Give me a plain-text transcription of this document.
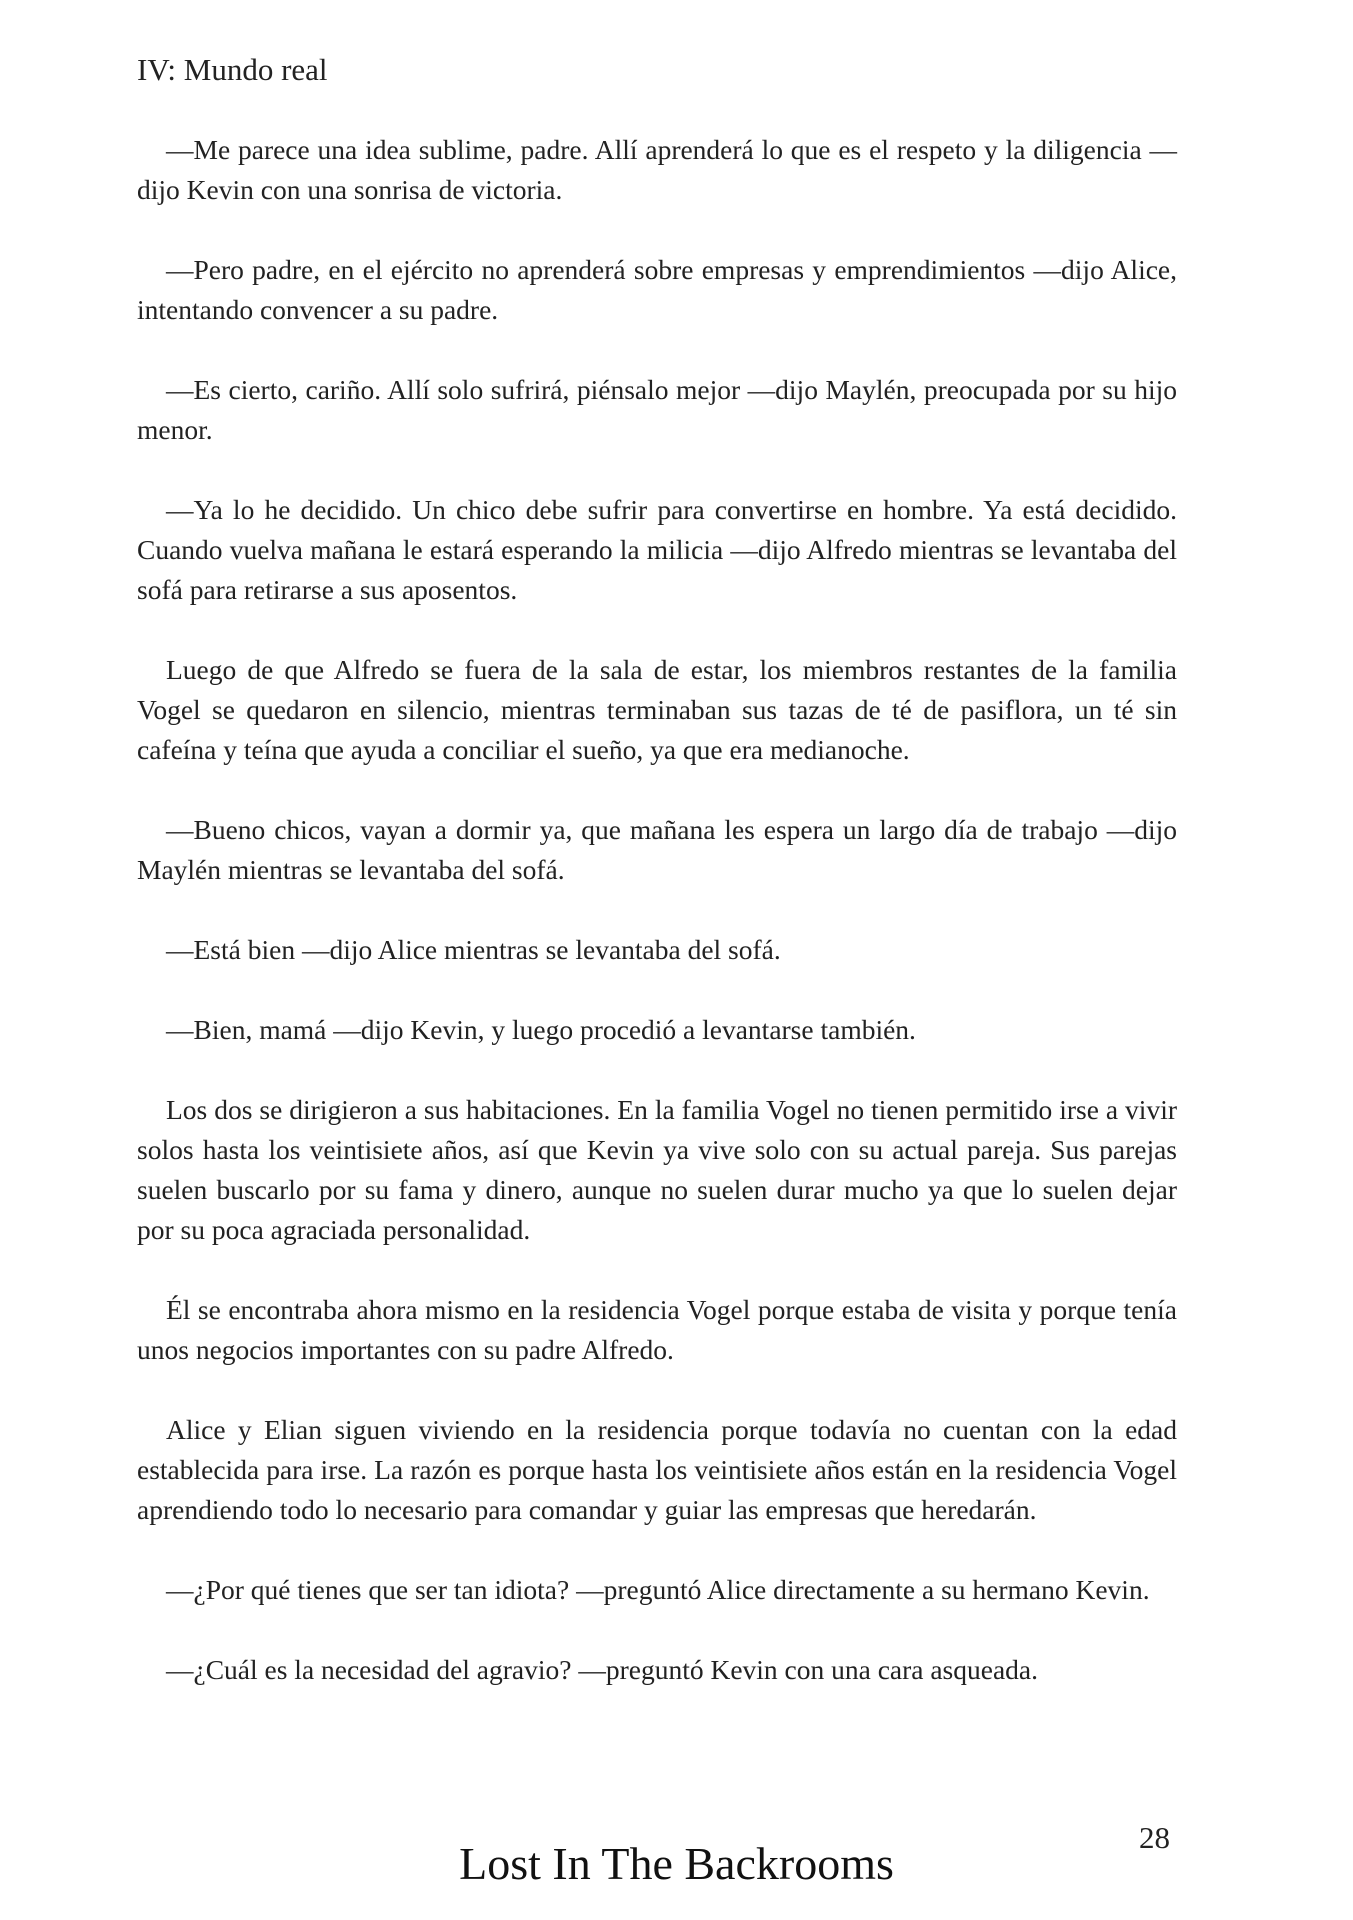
IV: Mundo real

—Me parece una idea sublime, padre. Allí aprenderá lo que es el respeto y la diligencia —dijo Kevin con una sonrisa de victoria.

—Pero padre, en el ejército no aprenderá sobre empresas y emprendimientos —dijo Alice, intentando convencer a su padre.

—Es cierto, cariño. Allí solo sufrirá, piénsalo mejor —dijo Maylén, preocupada por su hijo menor.

—Ya lo he decidido. Un chico debe sufrir para convertirse en hombre. Ya está decidido. Cuando vuelva mañana le estará esperando la milicia —dijo Alfredo mientras se levantaba del sofá para retirarse a sus aposentos.

Luego de que Alfredo se fuera de la sala de estar, los miembros restantes de la familia Vogel se quedaron en silencio, mientras terminaban sus tazas de té de pasiflora, un té sin cafeína y teína que ayuda a conciliar el sueño, ya que era medianoche.

—Bueno chicos, vayan a dormir ya, que mañana les espera un largo día de trabajo —dijo Maylén mientras se levantaba del sofá.

—Está bien —dijo Alice mientras se levantaba del sofá.

—Bien, mamá —dijo Kevin, y luego procedió a levantarse también.

Los dos se dirigieron a sus habitaciones. En la familia Vogel no tienen permitido irse a vivir solos hasta los veintisiete años, así que Kevin ya vive solo con su actual pareja. Sus parejas suelen buscarlo por su fama y dinero, aunque no suelen durar mucho ya que lo suelen dejar por su poca agraciada personalidad.

Él se encontraba ahora mismo en la residencia Vogel porque estaba de visita y porque tenía unos negocios importantes con su padre Alfredo.

Alice y Elian siguen viviendo en la residencia porque todavía no cuentan con la edad establecida para irse. La razón es porque hasta los veintisiete años están en la residencia Vogel aprendiendo todo lo necesario para comandar y guiar las empresas que heredarán.

—¿Por qué tienes que ser tan idiota? —preguntó Alice directamente a su hermano Kevin.

—¿Cuál es la necesidad del agravio? —preguntó Kevin con una cara asqueada.

28
Lost In The Backrooms
